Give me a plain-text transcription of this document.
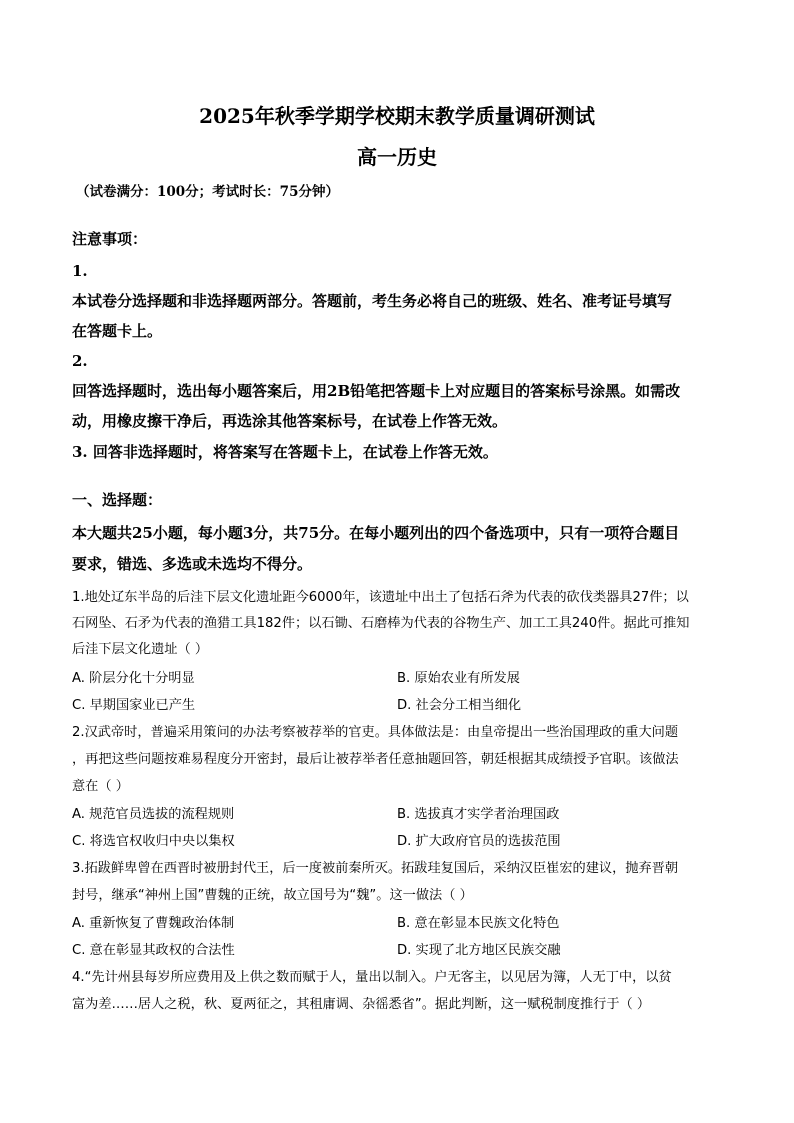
2025年秋季学期学校期末教学质量调研测试
高一历史
（试卷满分：100分；考试时长：75分钟）
注意事项：
1.
本试卷分选择题和非选择题两部分。答题前，考生务必将自己的班级、姓名、准考证号填写
在答题卡上。
2.
回答选择题时，选出每小题答案后，用2B铅笔把答题卡上对应题目的答案标号涂黑。如需改
动，用橡皮擦干净后，再选涂其他答案标号，在试卷上作答无效。
3. 回答非选择题时，将答案写在答题卡上，在试卷上作答无效。
一、选择题：
本大题共25小题，每小题3分，共75分。在每小题列出的四个备选项中，只有一项符合题目
要求，错选、多选或未选均不得分。
1.地处辽东半岛的后洼下层文化遗址距今6000年，该遗址中出土了包括石斧为代表的砍伐类器具27件；以
石网坠、石矛为代表的渔猎工具182件；以石锄、石磨棒为代表的谷物生产、加工工具240件。据此可推知
后洼下层文化遗址（ ）
A. 阶层分化十分明显	B. 原始农业有所发展
C. 早期国家业已产生	D. 社会分工相当细化
2.汉武帝时，普遍采用策问的办法考察被荐举的官吏。具体做法是：由皇帝提出一些治国理政的重大问题
，再把这些问题按难易程度分开密封，最后让被荐举者任意抽题回答，朝廷根据其成绩授予官职。该做法
意在（ ）
A. 规范官员选拔的流程规则	B. 选拔真才实学者治理国政
C. 将选官权收归中央以集权	D. 扩大政府官员的选拔范围
3.拓跋鲜卑曾在西晋时被册封代王，后一度被前秦所灭。拓跋珪复国后，采纳汉臣崔宏的建议，抛弃晋朝
封号，继承“神州上国”曹魏的正统，故立国号为“魏”。这一做法（ ）
A. 重新恢复了曹魏政治体制	B. 意在彰显本民族文化特色
C. 意在彰显其政权的合法性	D. 实现了北方地区民族交融
4.“先计州县每岁所应费用及上供之数而赋于人，量出以制入。户无客主，以见居为簿，人无丁中，以贫
富为差……居人之税，秋、夏两征之，其租庸调、杂徭悉省”。据此判断，这一赋税制度推行于（ ）
